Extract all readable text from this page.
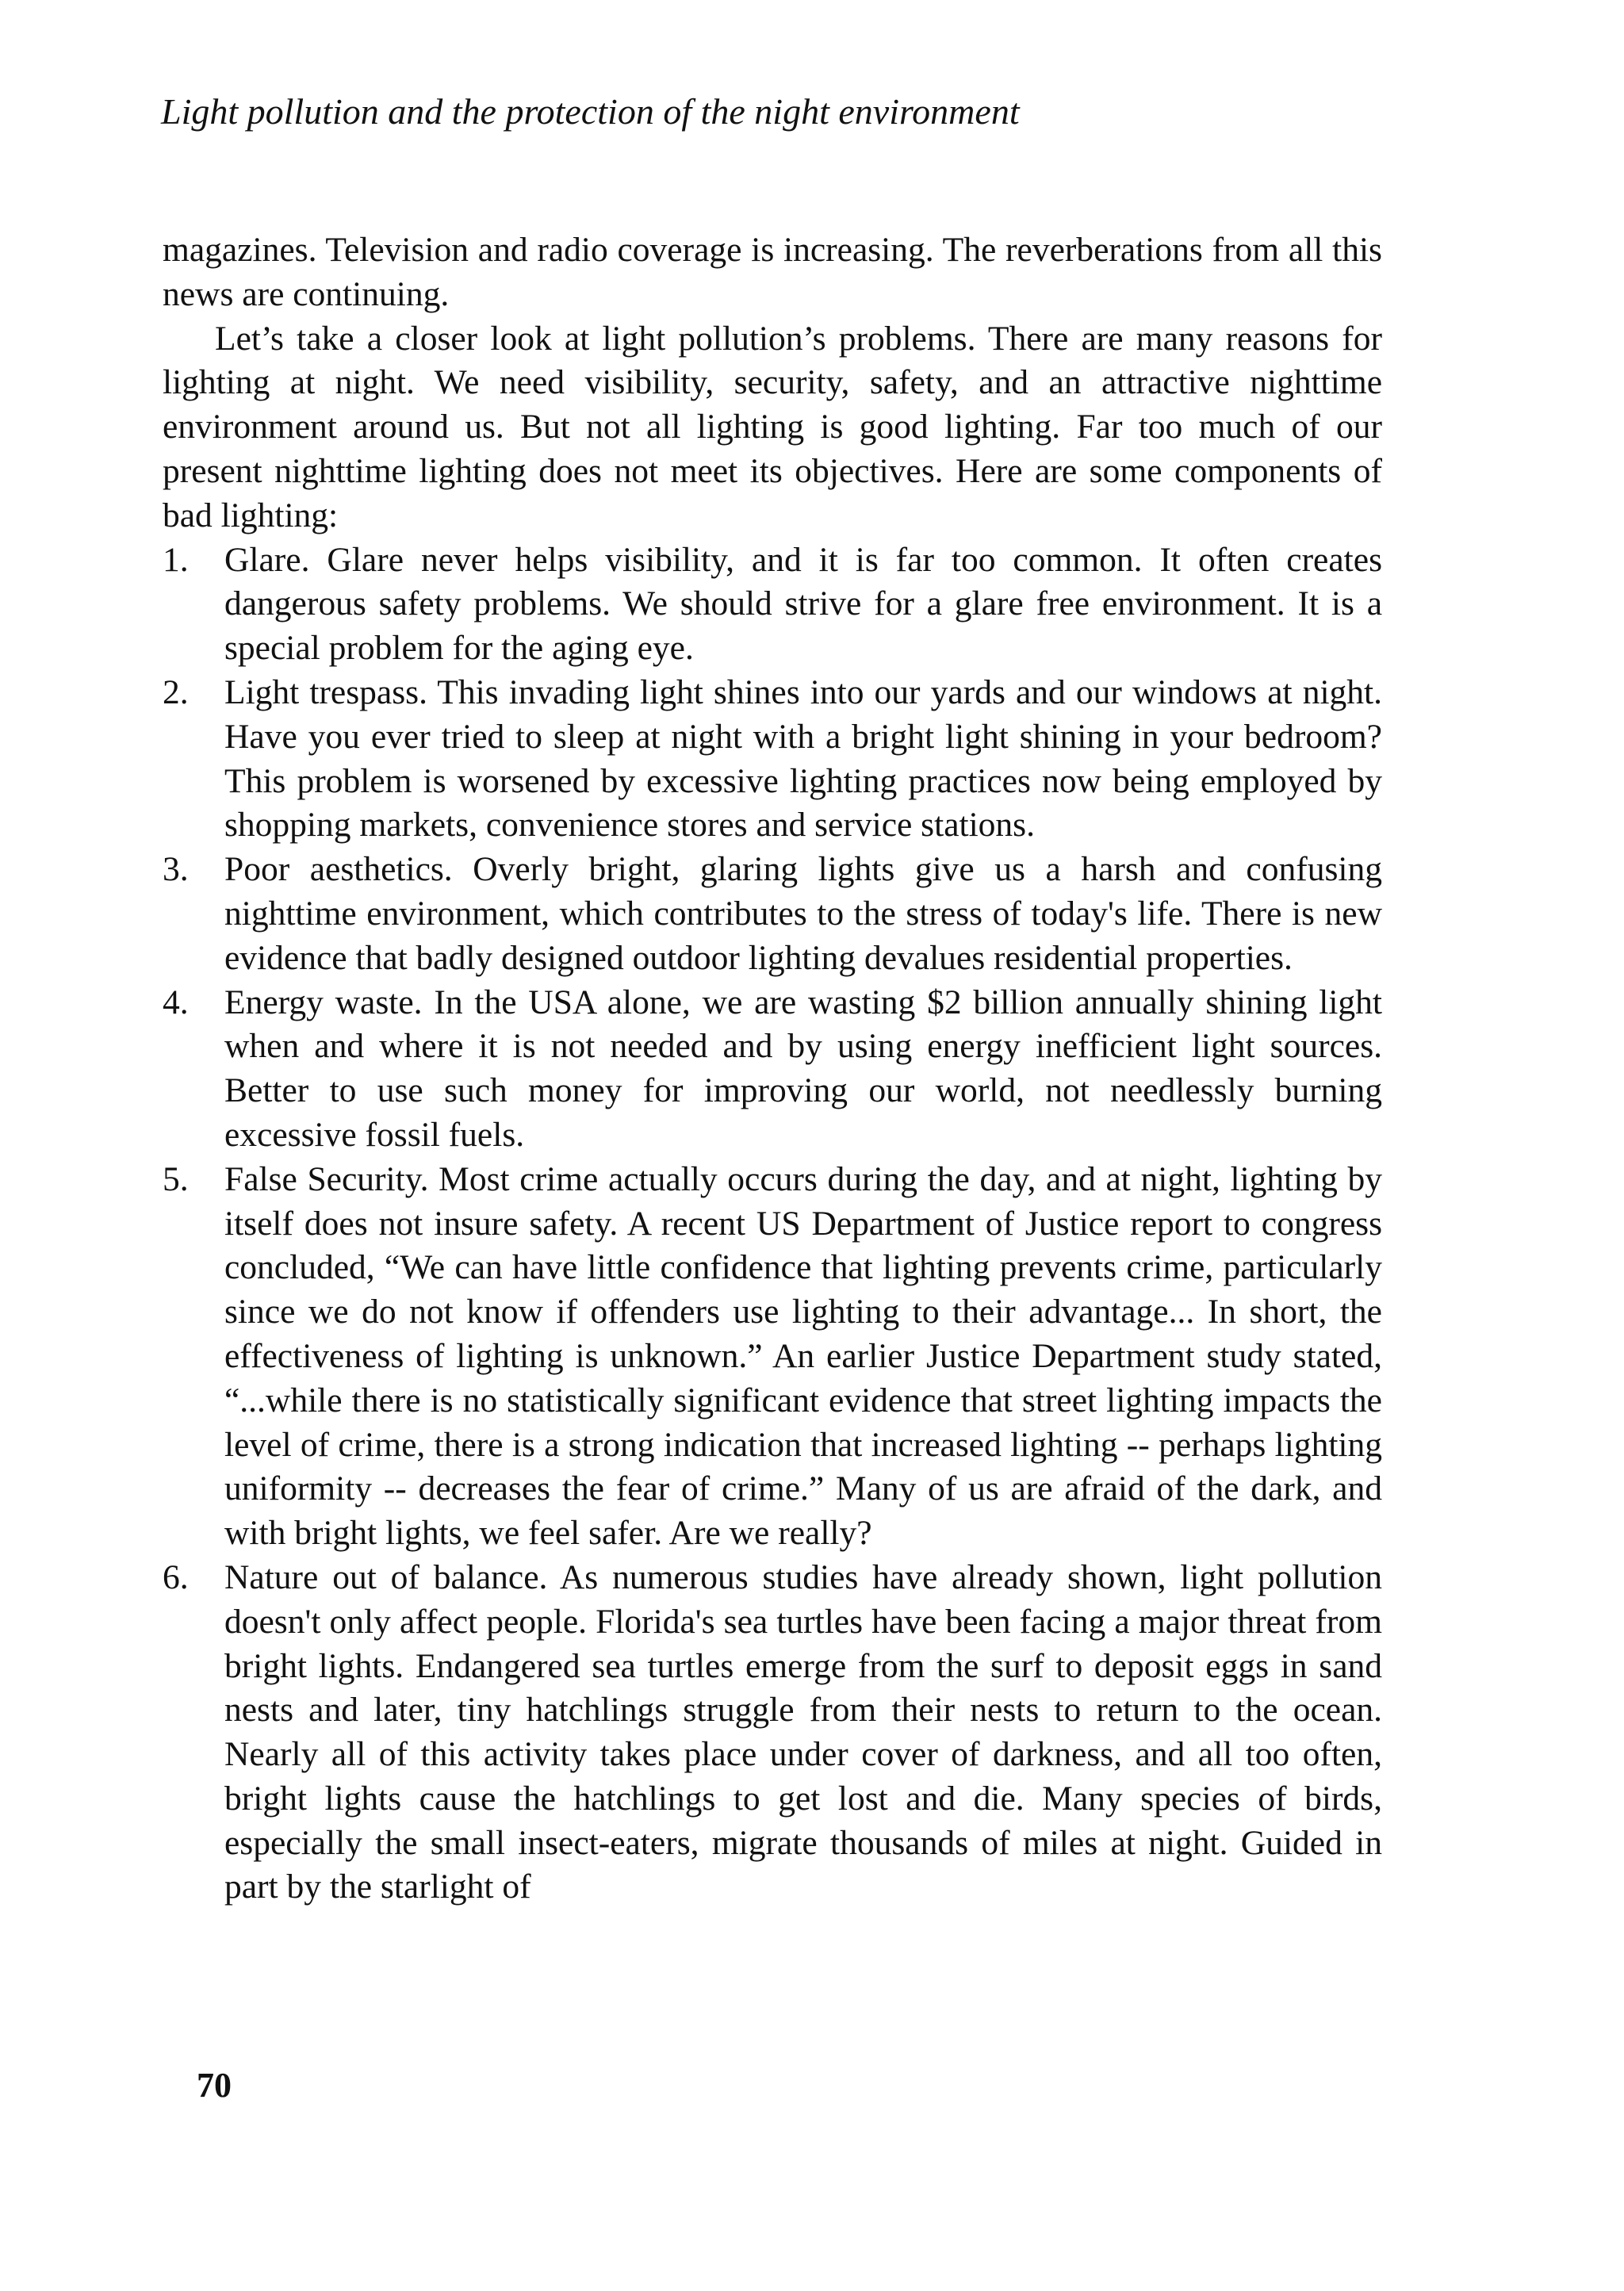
Light pollution and the protection of the night environment

magazines. Television and radio coverage is increasing. The reverberations from all this news are continuing.

Let’s take a closer look at light pollution’s problems. There are many reasons for lighting at night. We need visibility, security, safety, and an attractive nighttime environment around us. But not all lighting is good lighting. Far too much of our present nighttime lighting does not meet its objectives. Here are some components of bad lighting:

1. Glare. Glare never helps visibility, and it is far too common. It often creates dangerous safety problems. We should strive for a glare free environment. It is a special problem for the aging eye.
2. Light trespass. This invading light shines into our yards and our windows at night. Have you ever tried to sleep at night with a bright light shining in your bedroom? This problem is worsened by excessive lighting practices now being employed by shopping markets, convenience stores and service stations.
3. Poor aesthetics. Overly bright, glaring lights give us a harsh and confusing nighttime environment, which contributes to the stress of today's life. There is new evidence that badly designed outdoor lighting devalues residential properties.
4. Energy waste. In the USA alone, we are wasting $2 billion annually shining light when and where it is not needed and by using energy inefficient light sources. Better to use such money for improving our world, not needlessly burning excessive fossil fuels.
5. False Security. Most crime actually occurs during the day, and at night, lighting by itself does not insure safety. A recent US Department of Justice report to congress concluded, “We can have little confidence that lighting prevents crime, particularly since we do not know if offenders use lighting to their advantage... In short, the effectiveness of lighting is unknown.” An earlier Justice Department study stated, “...while there is no statistically significant evidence that street lighting impacts the level of crime, there is a strong indication that increased lighting -- perhaps lighting uniformity -- decreases the fear of crime.” Many of us are afraid of the dark, and with bright lights, we feel safer. Are we really?
6. Nature out of balance. As numerous studies have already shown, light pollution doesn't only affect people. Florida's sea turtles have been facing a major threat from bright lights. Endangered sea turtles emerge from the surf to deposit eggs in sand nests and later, tiny hatchlings struggle from their nests to return to the ocean. Nearly all of this activity takes place under cover of darkness, and all too often, bright lights cause the hatchlings to get lost and die. Many species of birds, especially the small insect-eaters, migrate thousands of miles at night. Guided in part by the starlight of
70
